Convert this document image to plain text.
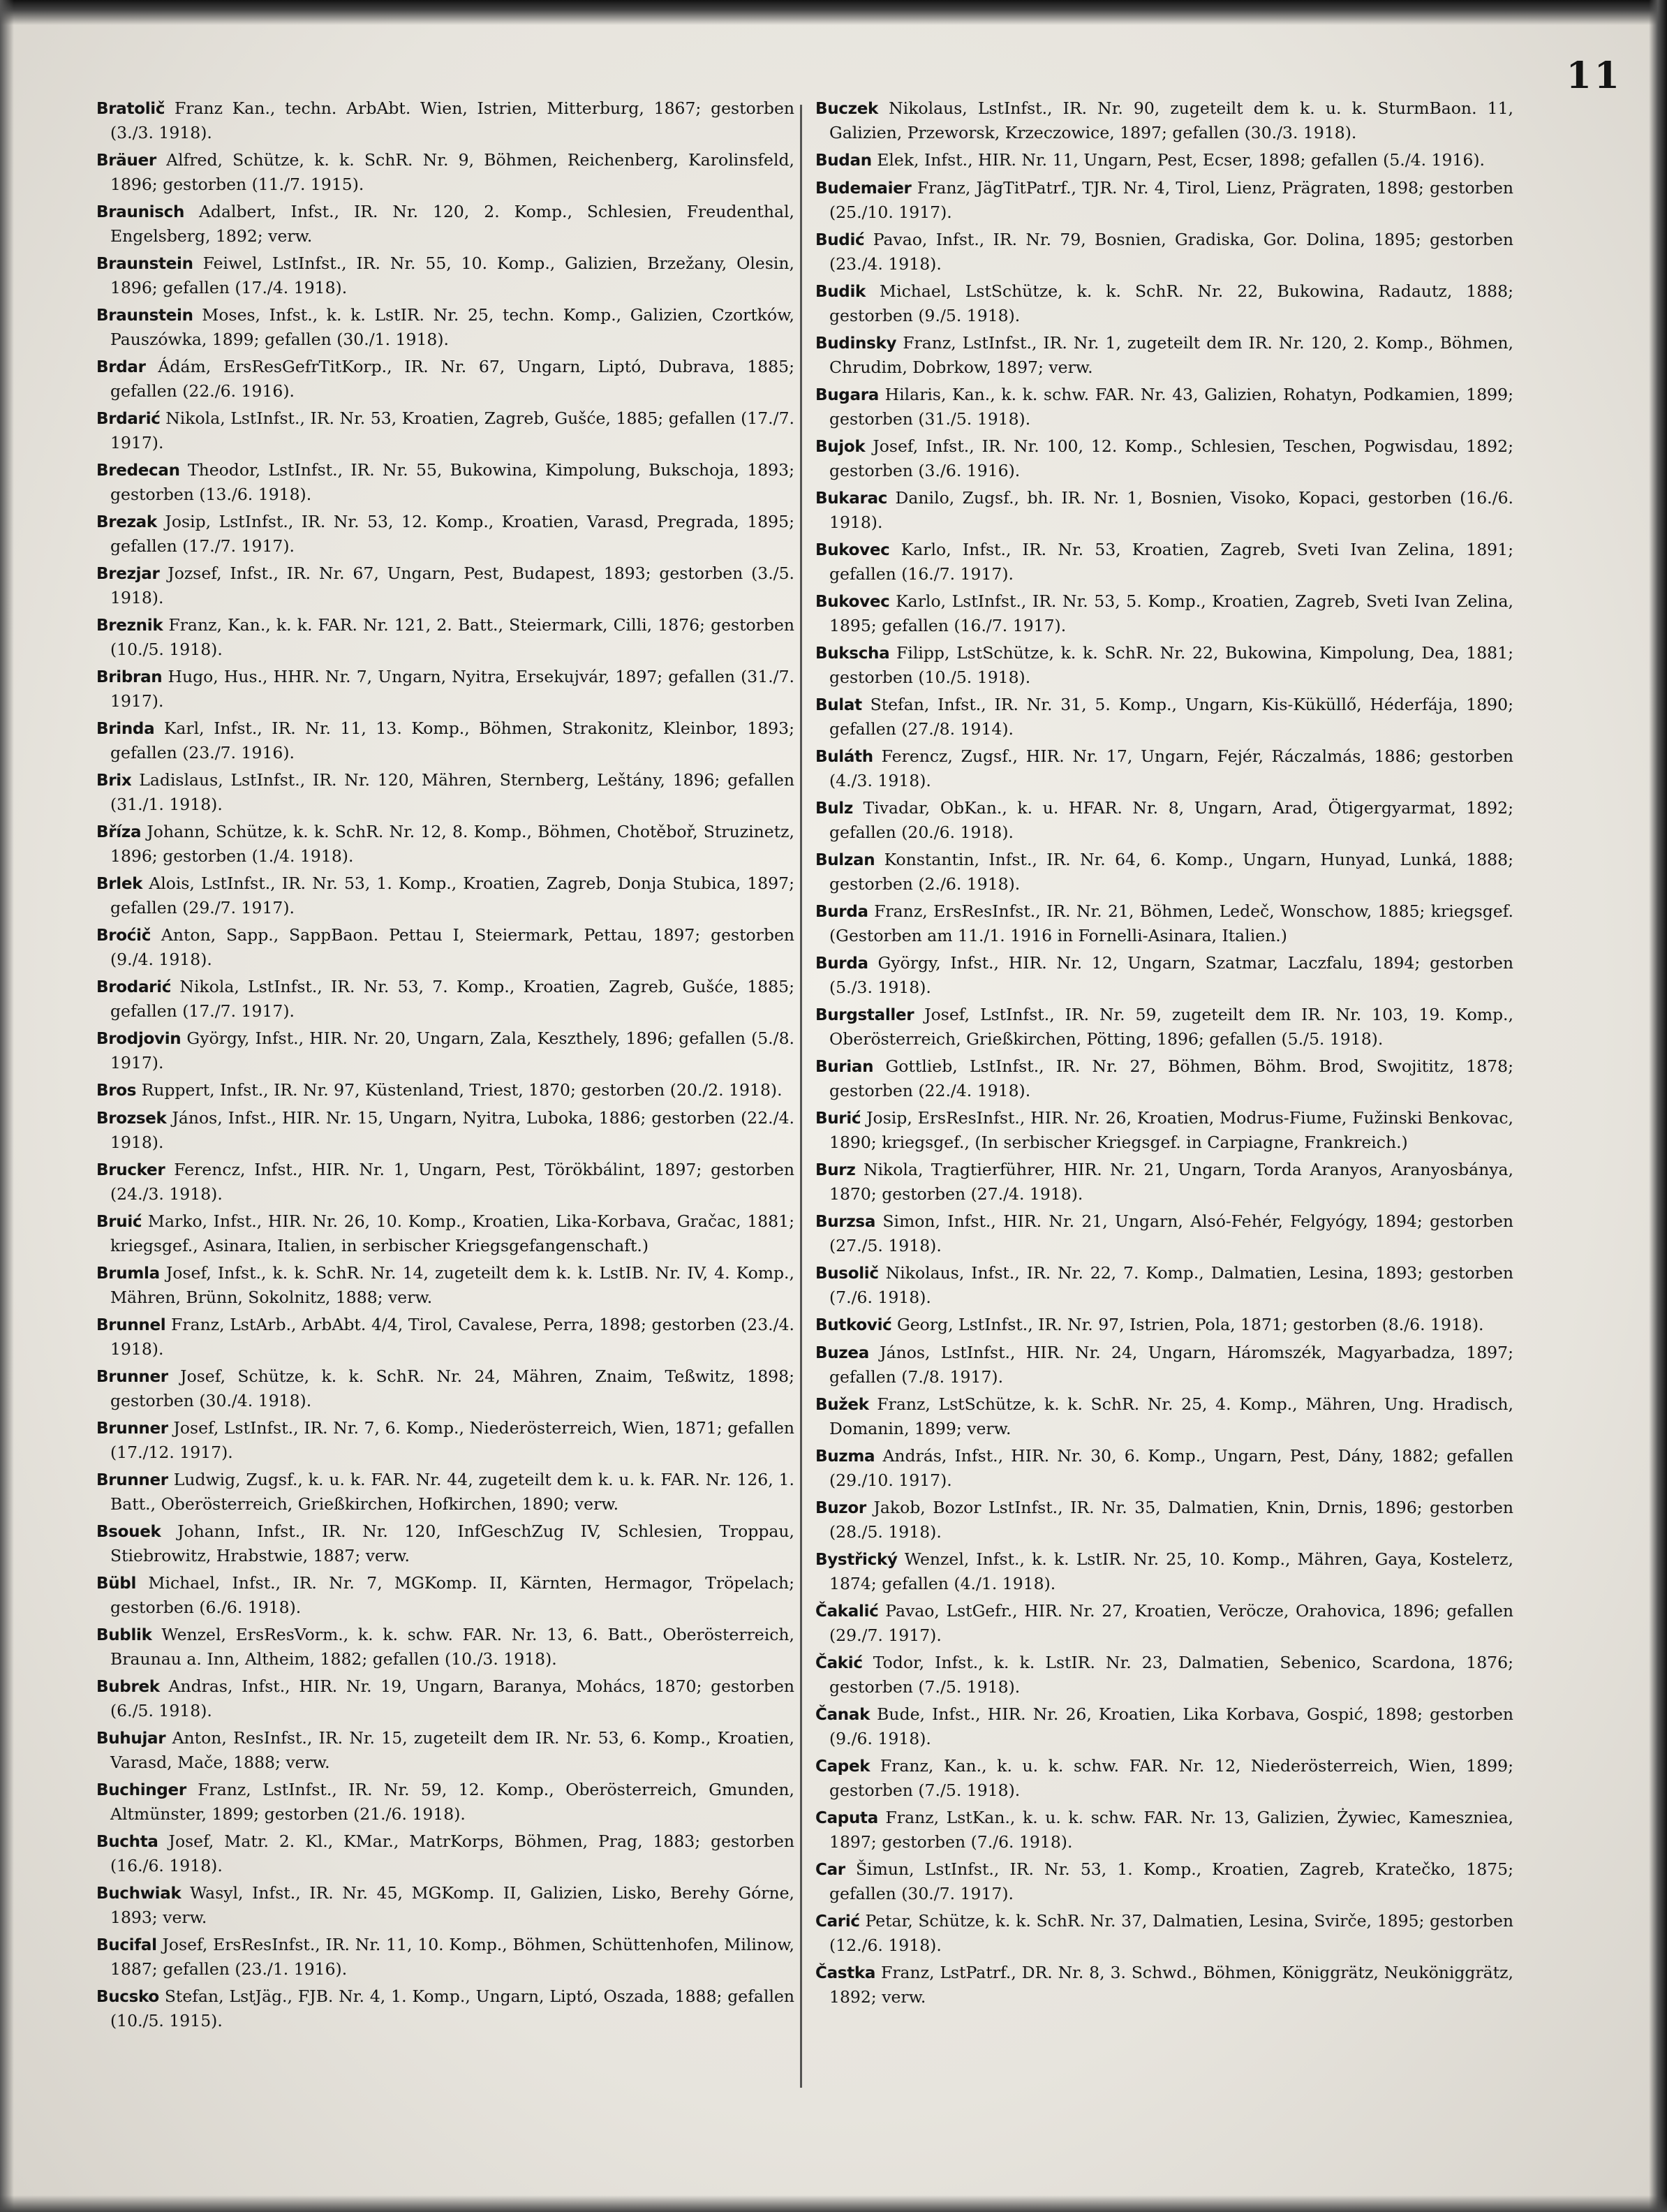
11
Bratolič Franz Kan., techn. ArbAbt. Wien, Istrien, Mitterburg, 1867; gestorben (3./3. 1918).
Bräuer Alfred, Schütze, k. k. SchR. Nr. 9, Böhmen, Reichenberg, Karolinsfeld, 1896; gestorben (11./7. 1915).
Braunisch Adalbert, Infst., IR. Nr. 120, 2. Komp., Schlesien, Freudenthal, Engelsberg, 1892; verw.
Braunstein Feiwel, LstInfst., IR. Nr. 55, 10. Komp., Galizien, Brzežany, Olesin, 1896; gefallen (17./4. 1918).
Braunstein Moses, Infst., k. k. LstIR. Nr. 25, techn. Komp., Galizien, Czortków, Pauszówka, 1899; gefallen (30./1. 1918).
Brdar Ádám, ErsResGefrTitKorp., IR. Nr. 67, Ungarn, Liptó, Dubrava, 1885; gefallen (22./6. 1916).
Brdarić Nikola, LstInfst., IR. Nr. 53, Kroatien, Zagreb, Gušće, 1885; gefallen (17./7. 1917).
Bredecan Theodor, LstInfst., IR. Nr. 55, Bukowina, Kimpolung, Bukschoja, 1893; gestorben (13./6. 1918).
Brezak Josip, LstInfst., IR. Nr. 53, 12. Komp., Kroatien, Varasd, Pregrada, 1895; gefallen (17./7. 1917).
Brezjar Jozsef, Infst., IR. Nr. 67, Ungarn, Pest, Budapest, 1893; gestorben (3./5. 1918).
Breznik Franz, Kan., k. k. FAR. Nr. 121, 2. Batt., Steiermark, Cilli, 1876; gestorben (10./5. 1918).
Bribran Hugo, Hus., HHR. Nr. 7, Ungarn, Nyitra, Ersekujvár, 1897; gefallen (31./7. 1917).
Brinda Karl, Infst., IR. Nr. 11, 13. Komp., Böhmen, Strakonitz, Kleinbor, 1893; gefallen (23./7. 1916).
Brix Ladislaus, LstInfst., IR. Nr. 120, Mähren, Sternberg, Leštány, 1896; gefallen (31./1. 1918).
Bříza Johann, Schütze, k. k. SchR. Nr. 12, 8. Komp., Böhmen, Chotěboř, Struzinetz, 1896; gestorben (1./4. 1918).
Brlek Alois, LstInfst., IR. Nr. 53, 1. Komp., Kroatien, Zagreb, Donja Stubica, 1897; gefallen (29./7. 1917).
Broćič Anton, Sapp., SappBaon. Pettau I, Steiermark, Pettau, 1897; gestorben (9./4. 1918).
Brodarić Nikola, LstInfst., IR. Nr. 53, 7. Komp., Kroatien, Zagreb, Gušće, 1885; gefallen (17./7. 1917).
Brodjovin György, Infst., HIR. Nr. 20, Ungarn, Zala, Keszthely, 1896; gefallen (5./8. 1917).
Bros Ruppert, Infst., IR. Nr. 97, Küstenland, Triest, 1870; gestorben (20./2. 1918).
Brozsek János, Infst., HIR. Nr. 15, Ungarn, Nyitra, Luboka, 1886; gestorben (22./4. 1918).
Brucker Ferencz, Infst., HIR. Nr. 1, Ungarn, Pest, Törökbálint, 1897; gestorben (24./3. 1918).
Bruić Marko, Infst., HIR. Nr. 26, 10. Komp., Kroatien, Lika-Korbava, Gračac, 1881; kriegsgef., Asinara, Italien, in serbischer Kriegsgefangenschaft.)
Brumla Josef, Infst., k. k. SchR. Nr. 14, zugeteilt dem k. k. LstIB. Nr. IV, 4. Komp., Mähren, Brünn, Sokolnitz, 1888; verw.
Brunnel Franz, LstArb., ArbAbt. 4/4, Tirol, Cavalese, Perra, 1898; gestorben (23./4. 1918).
Brunner Josef, Schütze, k. k. SchR. Nr. 24, Mähren, Znaim, Teßwitz, 1898; gestorben (30./4. 1918).
Brunner Josef, LstInfst., IR. Nr. 7, 6. Komp., Niederösterreich, Wien, 1871; gefallen (17./12. 1917).
Brunner Ludwig, Zugsf., k. u. k. FAR. Nr. 44, zugeteilt dem k. u. k. FAR. Nr. 126, 1. Batt., Oberösterreich, Grießkirchen, Hofkirchen, 1890; verw.
Bsouek Johann, Infst., IR. Nr. 120, InfGeschZug IV, Schlesien, Troppau, Stiebrowitz, Hrabstwie, 1887; verw.
Bübl Michael, Infst., IR. Nr. 7, MGKomp. II, Kärnten, Hermagor, Tröpelach; gestorben (6./6. 1918).
Bublik Wenzel, ErsResVorm., k. k. schw. FAR. Nr. 13, 6. Batt., Oberösterreich, Braunau a. Inn, Altheim, 1882; gefallen (10./3. 1918).
Bubrek Andras, Infst., HIR. Nr. 19, Ungarn, Baranya, Mohács, 1870; gestorben (6./5. 1918).
Buhujar Anton, ResInfst., IR. Nr. 15, zugeteilt dem IR. Nr. 53, 6. Komp., Kroatien, Varasd, Mače, 1888; verw.
Buchinger Franz, LstInfst., IR. Nr. 59, 12. Komp., Oberösterreich, Gmunden, Altmünster, 1899; gestorben (21./6. 1918).
Buchta Josef, Matr. 2. Kl., KMar., MatrKorps, Böhmen, Prag, 1883; gestorben (16./6. 1918).
Buchwiak Wasyl, Infst., IR. Nr. 45, MGKomp. II, Galizien, Lisko, Berehy Górne, 1893; verw.
Bucifal Josef, ErsResInfst., IR. Nr. 11, 10. Komp., Böhmen, Schüttenhofen, Milinow, 1887; gefallen (23./1. 1916).
Bucsko Stefan, LstJäg., FJB. Nr. 4, 1. Komp., Ungarn, Liptó, Oszada, 1888; gefallen (10./5. 1915).
Buczek Nikolaus, LstInfst., IR. Nr. 90, zugeteilt dem k. u. k. SturmBaon. 11, Galizien, Przeworsk, Krzeczowice, 1897; gefallen (30./3. 1918).
Budan Elek, Infst., HIR. Nr. 11, Ungarn, Pest, Ecser, 1898; gefallen (5./4. 1916).
Budemaier Franz, JägTitPatrf., TJR. Nr. 4, Tirol, Lienz, Prägraten, 1898; gestorben (25./10. 1917).
Budić Pavao, Infst., IR. Nr. 79, Bosnien, Gradiska, Gor. Dolina, 1895; gestorben (23./4. 1918).
Budik Michael, LstSchütze, k. k. SchR. Nr. 22, Bukowina, Radautz, 1888; gestorben (9./5. 1918).
Budinsky Franz, LstInfst., IR. Nr. 1, zugeteilt dem IR. Nr. 120, 2. Komp., Böhmen, Chrudim, Dobrkow, 1897; verw.
Bugara Hilaris, Kan., k. k. schw. FAR. Nr. 43, Galizien, Rohatyn, Podkamien, 1899; gestorben (31./5. 1918).
Bujok Josef, Infst., IR. Nr. 100, 12. Komp., Schlesien, Teschen, Pogwisdau, 1892; gestorben (3./6. 1916).
Bukarac Danilo, Zugsf., bh. IR. Nr. 1, Bosnien, Visoko, Kopaci, gestorben (16./6. 1918).
Bukovec Karlo, Infst., IR. Nr. 53, Kroatien, Zagreb, Sveti Ivan Zelina, 1891; gefallen (16./7. 1917).
Bukovec Karlo, LstInfst., IR. Nr. 53, 5. Komp., Kroatien, Zagreb, Sveti Ivan Zelina, 1895; gefallen (16./7. 1917).
Bukscha Filipp, LstSchütze, k. k. SchR. Nr. 22, Bukowina, Kimpolung, Dea, 1881; gestorben (10./5. 1918).
Bulat Stefan, Infst., IR. Nr. 31, 5. Komp., Ungarn, Kis-Küküllő, Héderfája, 1890; gefallen (27./8. 1914).
Buláth Ferencz, Zugsf., HIR. Nr. 17, Ungarn, Fejér, Ráczalmás, 1886; gestorben (4./3. 1918).
Bulz Tivadar, ObKan., k. u. HFAR. Nr. 8, Ungarn, Arad, Ötigergyarmat, 1892; gefallen (20./6. 1918).
Bulzan Konstantin, Infst., IR. Nr. 64, 6. Komp., Ungarn, Hunyad, Lunká, 1888; gestorben (2./6. 1918).
Burda Franz, ErsResInfst., IR. Nr. 21, Böhmen, Ledeč, Wonschow, 1885; kriegsgef. (Gestorben am 11./1. 1916 in Fornelli-Asinara, Italien.)
Burda György, Infst., HIR. Nr. 12, Ungarn, Szatmar, Laczfalu, 1894; gestorben (5./3. 1918).
Burgstaller Josef, LstInfst., IR. Nr. 59, zugeteilt dem IR. Nr. 103, 19. Komp., Oberösterreich, Grießkirchen, Pötting, 1896; gefallen (5./5. 1918).
Burian Gottlieb, LstInfst., IR. Nr. 27, Böhmen, Böhm. Brod, Swojititz, 1878; gestorben (22./4. 1918).
Burić Josip, ErsResInfst., HIR. Nr. 26, Kroatien, Modrus-Fiume, Fužinski Benkovac, 1890; kriegsgef., (In serbischer Kriegsgef. in Carpiagne, Frankreich.)
Burz Nikola, Tragtierführer, HIR. Nr. 21, Ungarn, Torda Aranyos, Aranyosbánya, 1870; gestorben (27./4. 1918).
Burzsa Simon, Infst., HIR. Nr. 21, Ungarn, Alsó-Fehér, Felgyógy, 1894; gestorben (27./5. 1918).
Busolič Nikolaus, Infst., IR. Nr. 22, 7. Komp., Dalmatien, Lesina, 1893; gestorben (7./6. 1918).
Butković Georg, LstInfst., IR. Nr. 97, Istrien, Pola, 1871; gestorben (8./6. 1918).
Buzea János, LstInfst., HIR. Nr. 24, Ungarn, Háromszék, Magyarbadza, 1897; gefallen (7./8. 1917).
Bužek Franz, LstSchütze, k. k. SchR. Nr. 25, 4. Komp., Mähren, Ung. Hradisch, Domanin, 1899; verw.
Buzma András, Infst., HIR. Nr. 30, 6. Komp., Ungarn, Pest, Dány, 1882; gefallen (29./10. 1917).
Buzor Jakob, Bozor LstInfst., IR. Nr. 35, Dalmatien, Knin, Drnis, 1896; gestorben (28./5. 1918).
Bystřický Wenzel, Infst., k. k. LstIR. Nr. 25, 10. Komp., Mähren, Gaya, Kostelетz, 1874; gefallen (4./1. 1918).
Čakalić Pavao, LstGefr., HIR. Nr. 27, Kroatien, Veröcze, Orahovica, 1896; gefallen (29./7. 1917).
Čakić Todor, Infst., k. k. LstIR. Nr. 23, Dalmatien, Sebenico, Scardona, 1876; gestorben (7./5. 1918).
Čanak Bude, Infst., HIR. Nr. 26, Kroatien, Lika Korbava, Gospić, 1898; gestorben (9./6. 1918).
Capek Franz, Kan., k. u. k. schw. FAR. Nr. 12, Niederösterreich, Wien, 1899; gestorben (7./5. 1918).
Caputa Franz, LstKan., k. u. k. schw. FAR. Nr. 13, Galizien, Żywiec, Kameszniea, 1897; gestorben (7./6. 1918).
Car Šimun, LstInfst., IR. Nr. 53, 1. Komp., Kroatien, Zagreb, Kratečko, 1875; gefallen (30./7. 1917).
Carić Petar, Schütze, k. k. SchR. Nr. 37, Dalmatien, Lesina, Svirče, 1895; gestorben (12./6. 1918).
Častka Franz, LstPatrf., DR. Nr. 8, 3. Schwd., Böhmen, Königgrätz, Neuköniggrätz, 1892; verw.
